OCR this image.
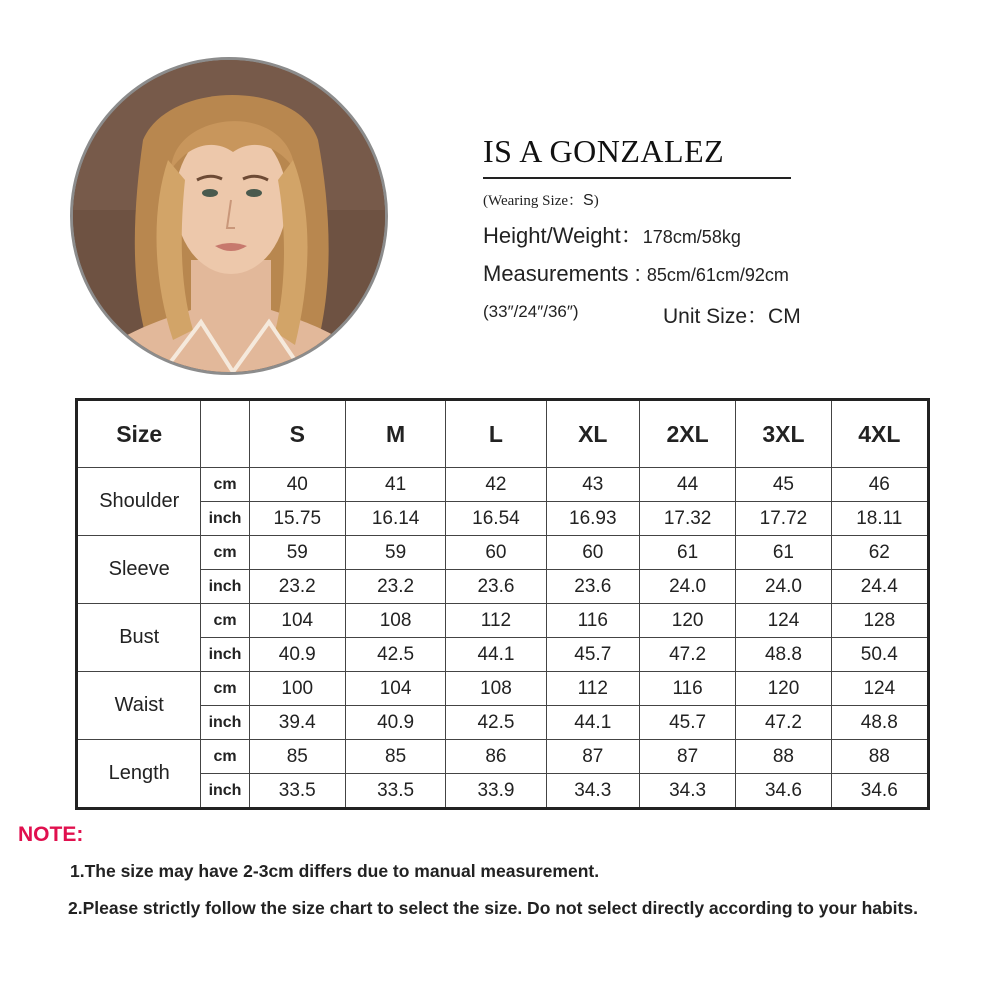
IS A GONZALEZ
(Wearing Size：S)
Height/Weight：178cm/58kg
Measurements : 85cm/61cm/92cm
(33″/24″/36″)	Unit Size：CM
Size		S	M	L	XL	2XL	3XL	4XL
Shoulder	cm	40	41	42	43	44	45	46
	inch	15.75	16.14	16.54	16.93	17.32	17.72	18.11
Sleeve	cm	59	59	60	60	61	61	62
	inch	23.2	23.2	23.6	23.6	24.0	24.0	24.4
Bust	cm	104	108	112	116	120	124	128
	inch	40.9	42.5	44.1	45.7	47.2	48.8	50.4
Waist	cm	100	104	108	112	116	120	124
	inch	39.4	40.9	42.5	44.1	45.7	47.2	48.8
Length	cm	85	85	86	87	87	88	88
	inch	33.5	33.5	33.9	34.3	34.3	34.6	34.6
NOTE:
1.The size may have 2-3cm differs due to manual measurement.
2.Please strictly follow the size chart to select the size. Do not select directly according to your habits.
